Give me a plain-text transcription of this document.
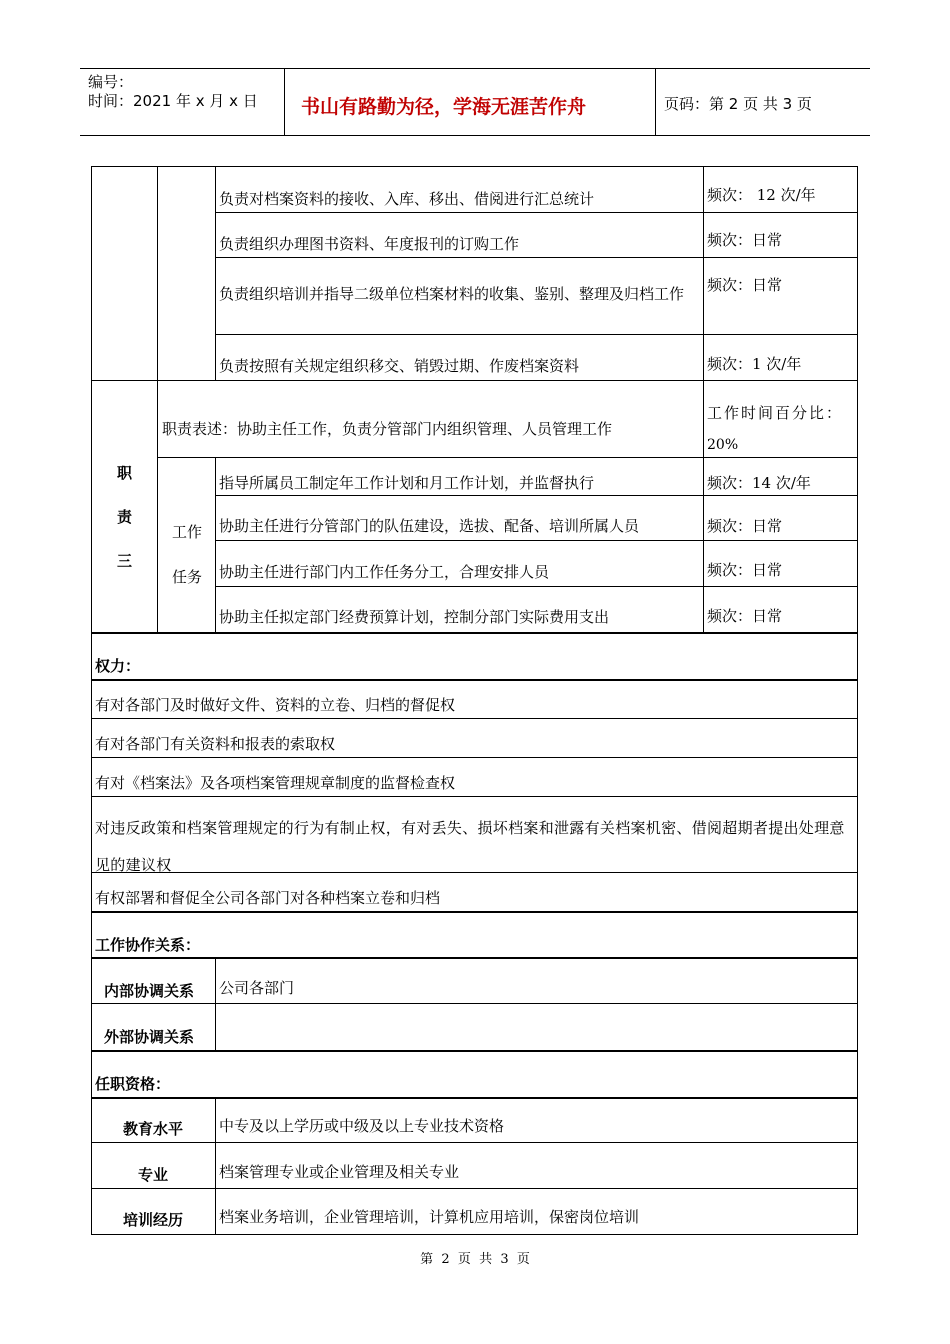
编号：
时间：2021 年 x 月 x 日 书山有路勤为径，学海无涯苦作舟	页码：第 2 页 共 3 页
负责对档案资料的接收、入库、移出、借阅进行汇总统计	频次： 12 次/年
负责组织办理图书资料、年度报刊的订购工作	频次：日常
负责组织培训并指导二级单位档案材料的收集、鉴别、整理及归档工作	频次：日常
负责按照有关规定组织移交、销毁过期、作废档案资料	频次：1 次/年
职
责
三
职责表述：协助主任工作，负责分管部门内组织管理、人员管理工作
工作时间百分比：
20%
工作
任务
指导所属员工制定年工作计划和月工作计划，并监督执行	频次：14 次/年
协助主任进行分管部门的队伍建设，选拔、配备、培训所属人员	频次：日常
协助主任进行部门内工作任务分工，合理安排人员	频次：日常
协助主任拟定部门经费预算计划，控制分部门实际费用支出	频次：日常
权力：
有对各部门及时做好文件、资料的立卷、归档的督促权
有对各部门有关资料和报表的索取权
有对《档案法》及各项档案管理规章制度的监督检查权
对违反政策和档案管理规定的行为有制止权，有对丢失、损坏档案和泄露有关档案机密、借阅超期者提出处理意见的建议权
有权部署和督促全公司各部门对各种档案立卷和归档
工作协作关系：
内部协调关系 公司各部门
外部协调关系
任职资格：
教育水平	中专及以上学历或中级及以上专业技术资格
专业	档案管理专业或企业管理及相关专业
培训经历	档案业务培训，企业管理培训，计算机应用培训，保密岗位培训
第  2  页  共  3  页
